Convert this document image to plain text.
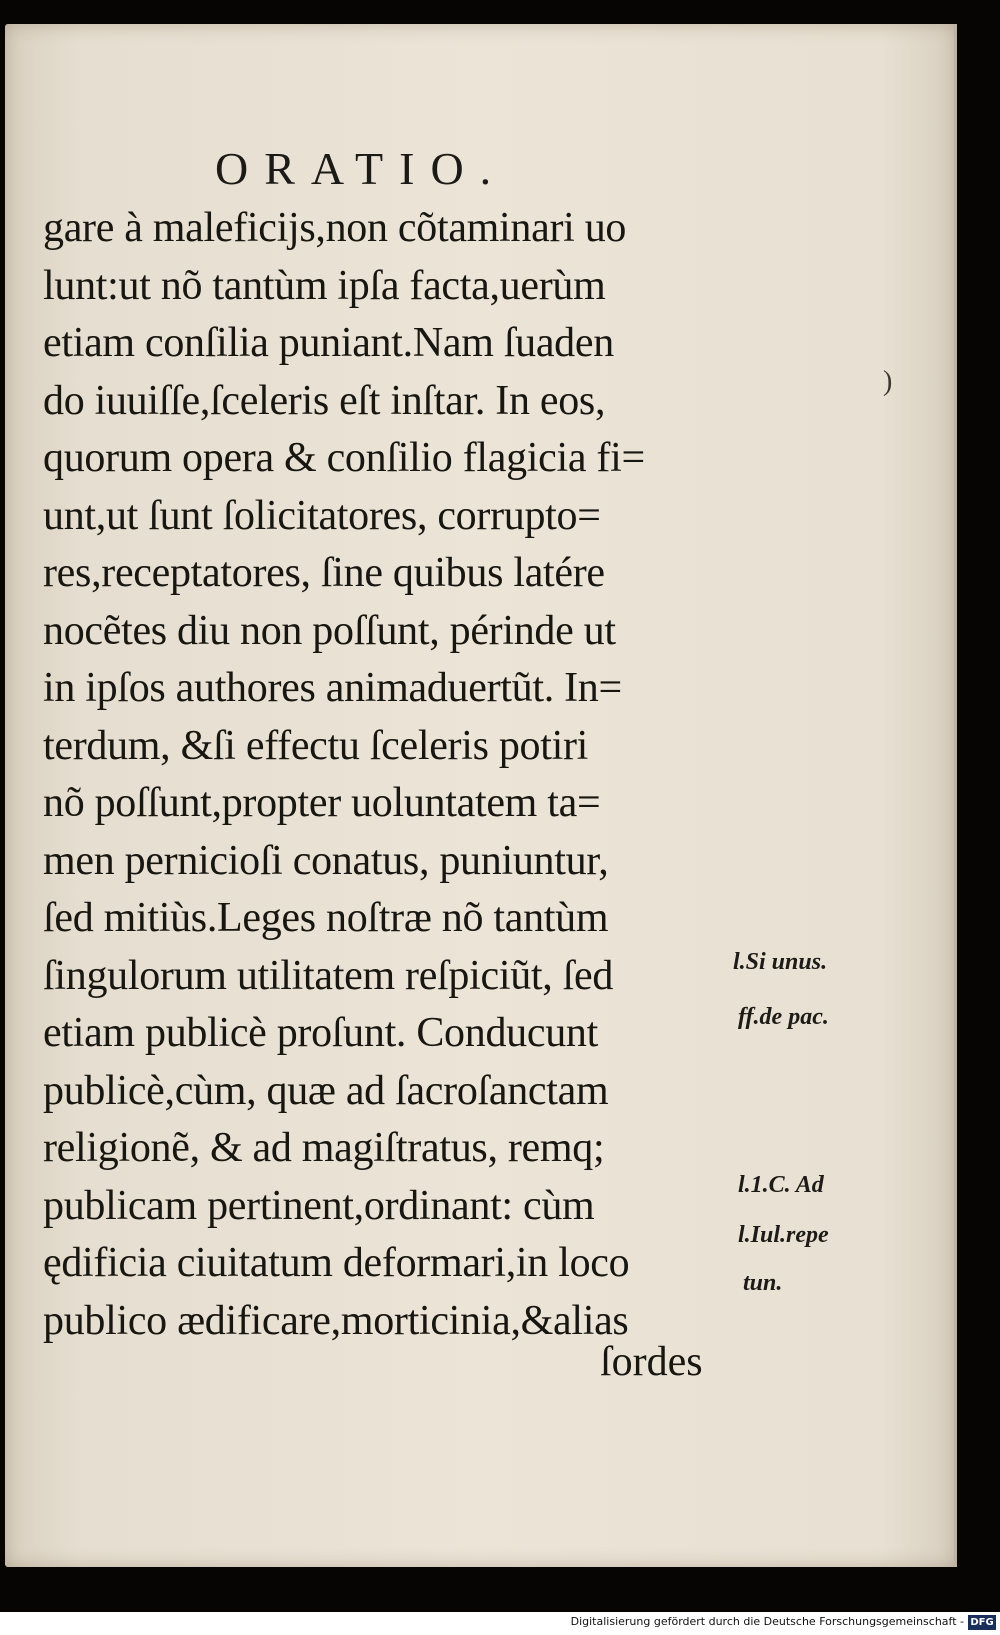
ORATIO.
gare à maleficijs,non cõtaminari uo
lunt:ut nõ tantùm ipſa facta,uerùm
etiam conſilia puniant.Nam ſuaden
do iuuiſſe,ſceleris eſt inſtar. In eos,
quorum opera & conſilio flagicia fi=
unt,ut ſunt ſolicitatores, corrupto=
res,receptatores, ſine quibus latére
nocẽtes diu non poſſunt, périnde ut
in ipſos authores animaduertũt. In=
terdum, &ſi effectu ſceleris potiri
nõ poſſunt,propter uoluntatem ta=
men pernicioſi conatus, puniuntur,
ſed mitiùs.Leges noſtræ nõ tantùm
ſingulorum utilitatem reſpiciũt, ſed
etiam publicè proſunt. Conducunt
publicè,cùm, quæ ad ſacroſanctam
religionẽ, & ad magiſtratus, remq;
publicam pertinent,ordinant: cùm
ędificia ciuitatum deformari,in loco
publico ædificare,morticinia,&alias
ſordes
l.Si unus.
ff.de pac.
l.1.C. Ad
l.Iul.repe
tun.
)
Digitalisierung gefördert durch die Deutsche Forschungsgemeinschaft - DFG
